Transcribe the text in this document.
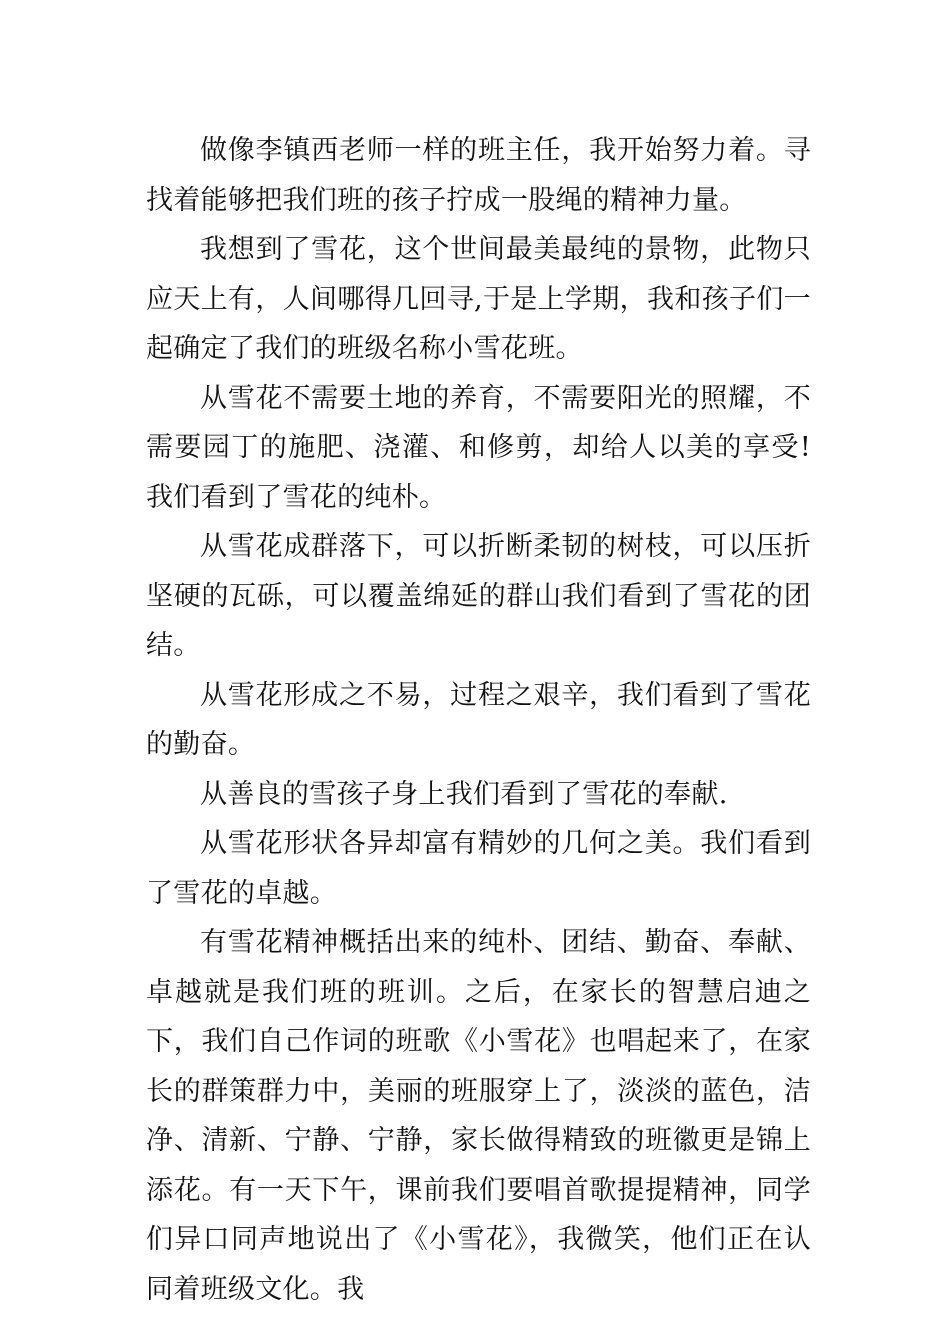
做像李镇西老师一样的班主任，我开始努力着。寻找着能够把我们班的孩子拧成一股绳的精神力量。

我想到了雪花，这个世间最美最纯的景物，此物只应天上有，人间哪得几回寻,于是上学期，我和孩子们一起确定了我们的班级名称小雪花班。

从雪花不需要土地的养育，不需要阳光的照耀，不需要园丁的施肥、浇灌、和修剪，却给人以美的享受!我们看到了雪花的纯朴。

从雪花成群落下，可以折断柔韧的树枝，可以压折坚硬的瓦砾，可以覆盖绵延的群山我们看到了雪花的团结。

从雪花形成之不易，过程之艰辛，我们看到了雪花的勤奋。

从善良的雪孩子身上我们看到了雪花的奉献.

从雪花形状各异却富有精妙的几何之美。我们看到了雪花的卓越。

有雪花精神概括出来的纯朴、团结、勤奋、奉献、卓越就是我们班的班训。之后，在家长的智慧启迪之下，我们自己作词的班歌《小雪花》也唱起来了，在家长的群策群力中，美丽的班服穿上了，淡淡的蓝色，洁净、清新、宁静、宁静，家长做得精致的班徽更是锦上添花。有一天下午，课前我们要唱首歌提提精神，同学们异口同声地说出了《小雪花》，我微笑，他们正在认同着班级文化。我
